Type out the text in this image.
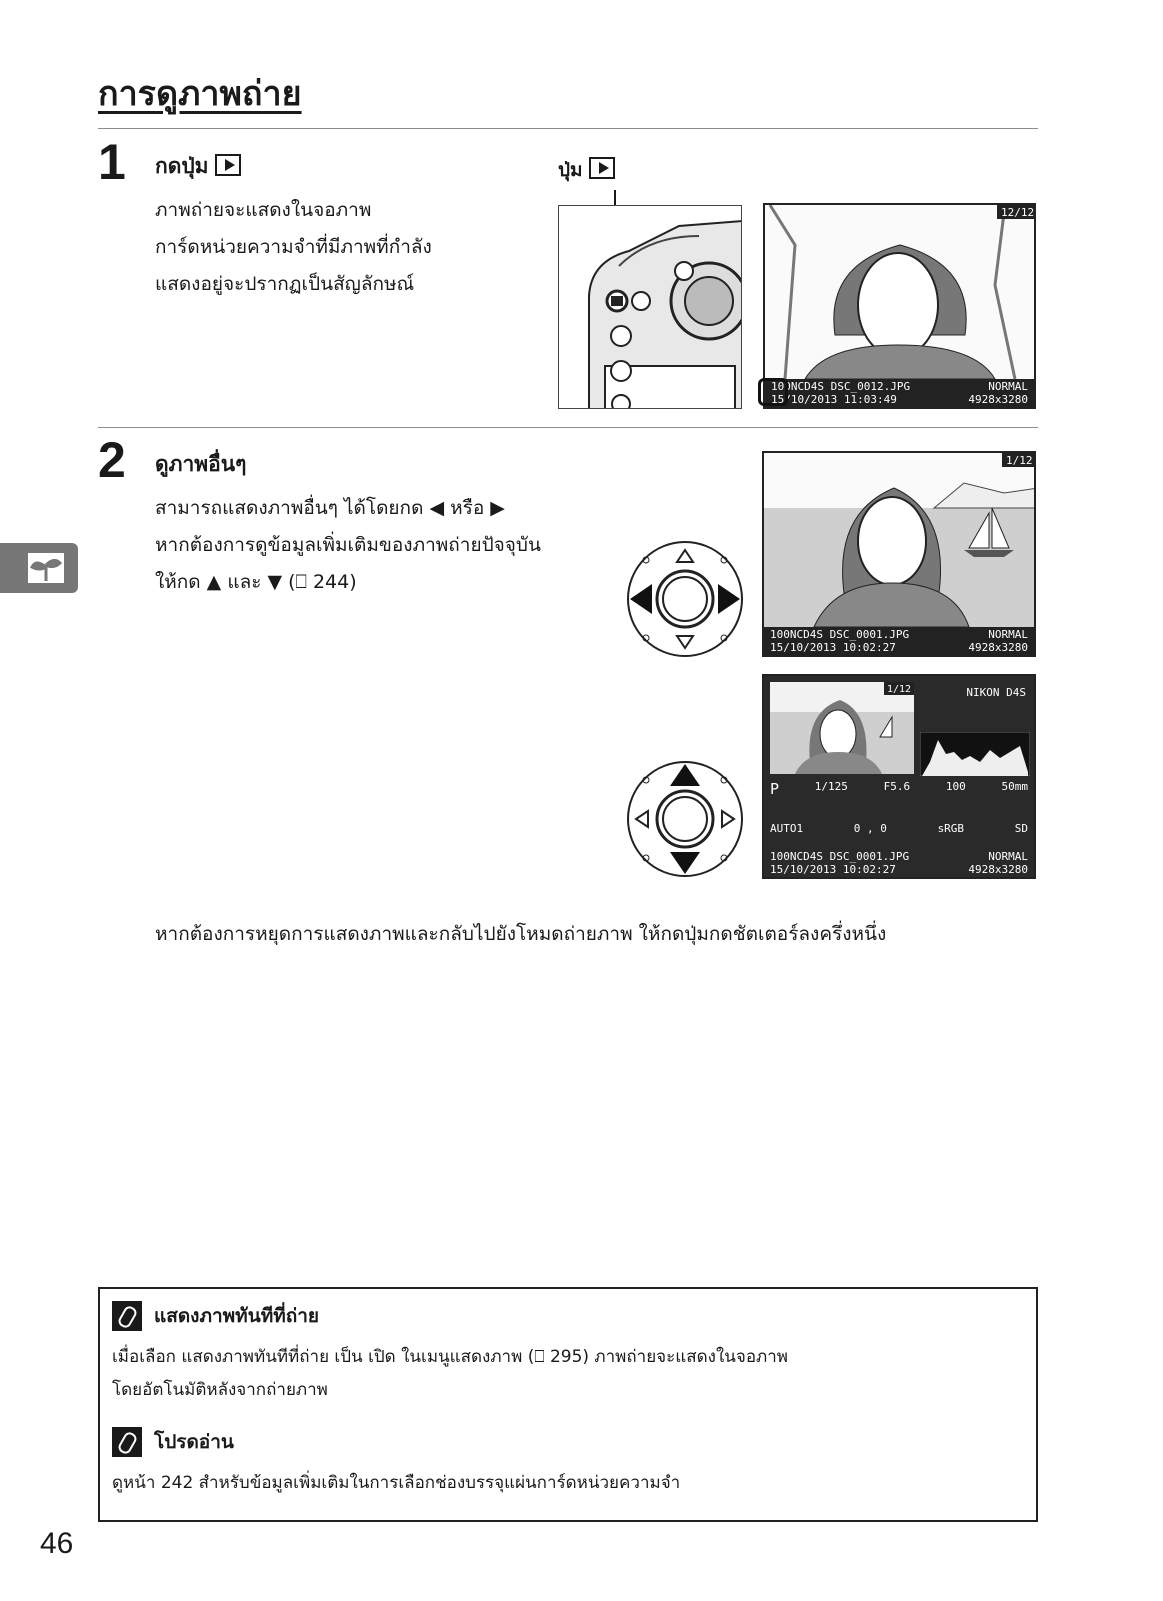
การดูภาพถ่าย
1 กดปุ่ม
ภาพถ่ายจะแสดงในจอภาพ
การ์ดหน่วยความจำที่มีภาพที่กำลัง
แสดงอยู่จะปรากฏเป็นสัญลักษณ์
ปุ่ม
12/12
100NCD4S DSC_0012.JPG	NORMAL
15/10/2013 11:03:49	4928x3280
2 ดูภาพอื่นๆ
สามารถแสดงภาพอื่นๆ ได้โดยกด ◀ หรือ ▶
หากต้องการดูข้อมูลเพิ่มเติมของภาพถ่ายปัจจุบัน
ให้กด ▲ และ ▼ (⎕ 244)
1/12
100NCD4S DSC_0001.JPG	NORMAL
15/10/2013 10:02:27	4928x3280
1/12	NIKON D4S
P	1/125	F5.6	100	50mm
AUTO1	0 , 0	sRGB	SD
100NCD4S DSC_0001.JPG	NORMAL
15/10/2013 10:02:27	4928x3280
หากต้องการหยุดการแสดงภาพและกลับไปยังโหมดถ่ายภาพ ให้กดปุ่มกดชัตเตอร์ลงครึ่งหนึ่ง
แสดงภาพทันทีที่ถ่าย
เมื่อเลือก แสดงภาพทันทีที่ถ่าย เป็น เปิด ในเมนูแสดงภาพ (⎕ 295) ภาพถ่ายจะแสดงในจอภาพ
โดยอัตโนมัติหลังจากถ่ายภาพ
โปรดอ่าน
ดูหน้า 242 สำหรับข้อมูลเพิ่มเติมในการเลือกช่องบรรจุแผ่นการ์ดหน่วยความจำ
46
